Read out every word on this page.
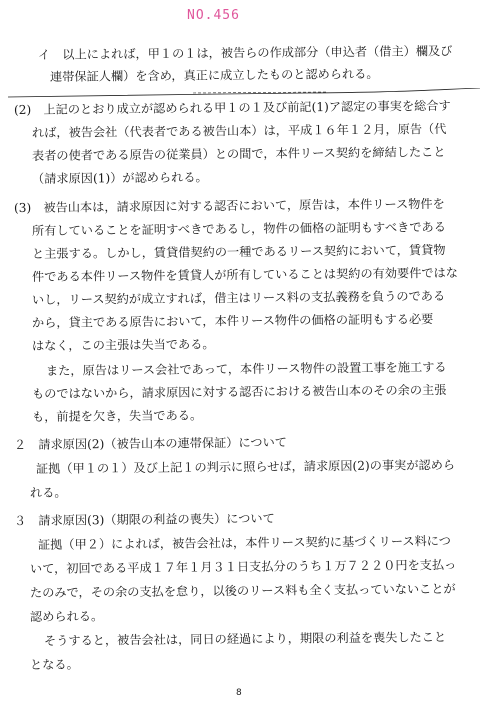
NO.456
イ　以上によれば，甲１の１は，被告らの作成部分（申込者（借主）欄及び
連帯保証人欄）を含め，真正に成立したものと認められる。
(2)　上記のとおり成立が認められる甲１の１及び前記(1)ア認定の事実を総合す
れば，被告会社（代表者である被告山本）は，平成１６年１２月，原告（代
表者の使者である原告の従業員）との間で，本件リース契約を締結したこと
（請求原因(1)）が認められる。
(3)　被告山本は，請求原因に対する認否において，原告は，本件リース物件を
所有していることを証明すべきであるし，物件の価格の証明もすべきである
と主張する。しかし，賃貸借契約の一種であるリース契約において，賃貸物
件である本件リース物件を賃貸人が所有していることは契約の有効要件ではな
いし，リース契約が成立すれば，借主はリース料の支払義務を負うのである
から，貸主である原告において，本件リース物件の価格の証明もする必要
はなく，この主張は失当である。
また，原告はリース会社であって，本件リース物件の設置工事を施工する
ものではないから，請求原因に対する認否における被告山本のその余の主張
も，前提を欠き，失当である。
２　請求原因(2)（被告山本の連帯保証）について
証拠（甲１の１）及び上記１の判示に照らせば，請求原因(2)の事実が認めら
れる。
３　請求原因(3)（期限の利益の喪失）について
証拠（甲２）によれば，被告会社は，本件リース契約に基づくリース料につ
いて，初回である平成１７年１月３１日支払分のうち１万７２２０円を支払っ
たのみで，その余の支払を怠り，以後のリース料も全く支払っていないことが
認められる。
そうすると，被告会社は，同日の経過により，期限の利益を喪失したこと
となる。
8
